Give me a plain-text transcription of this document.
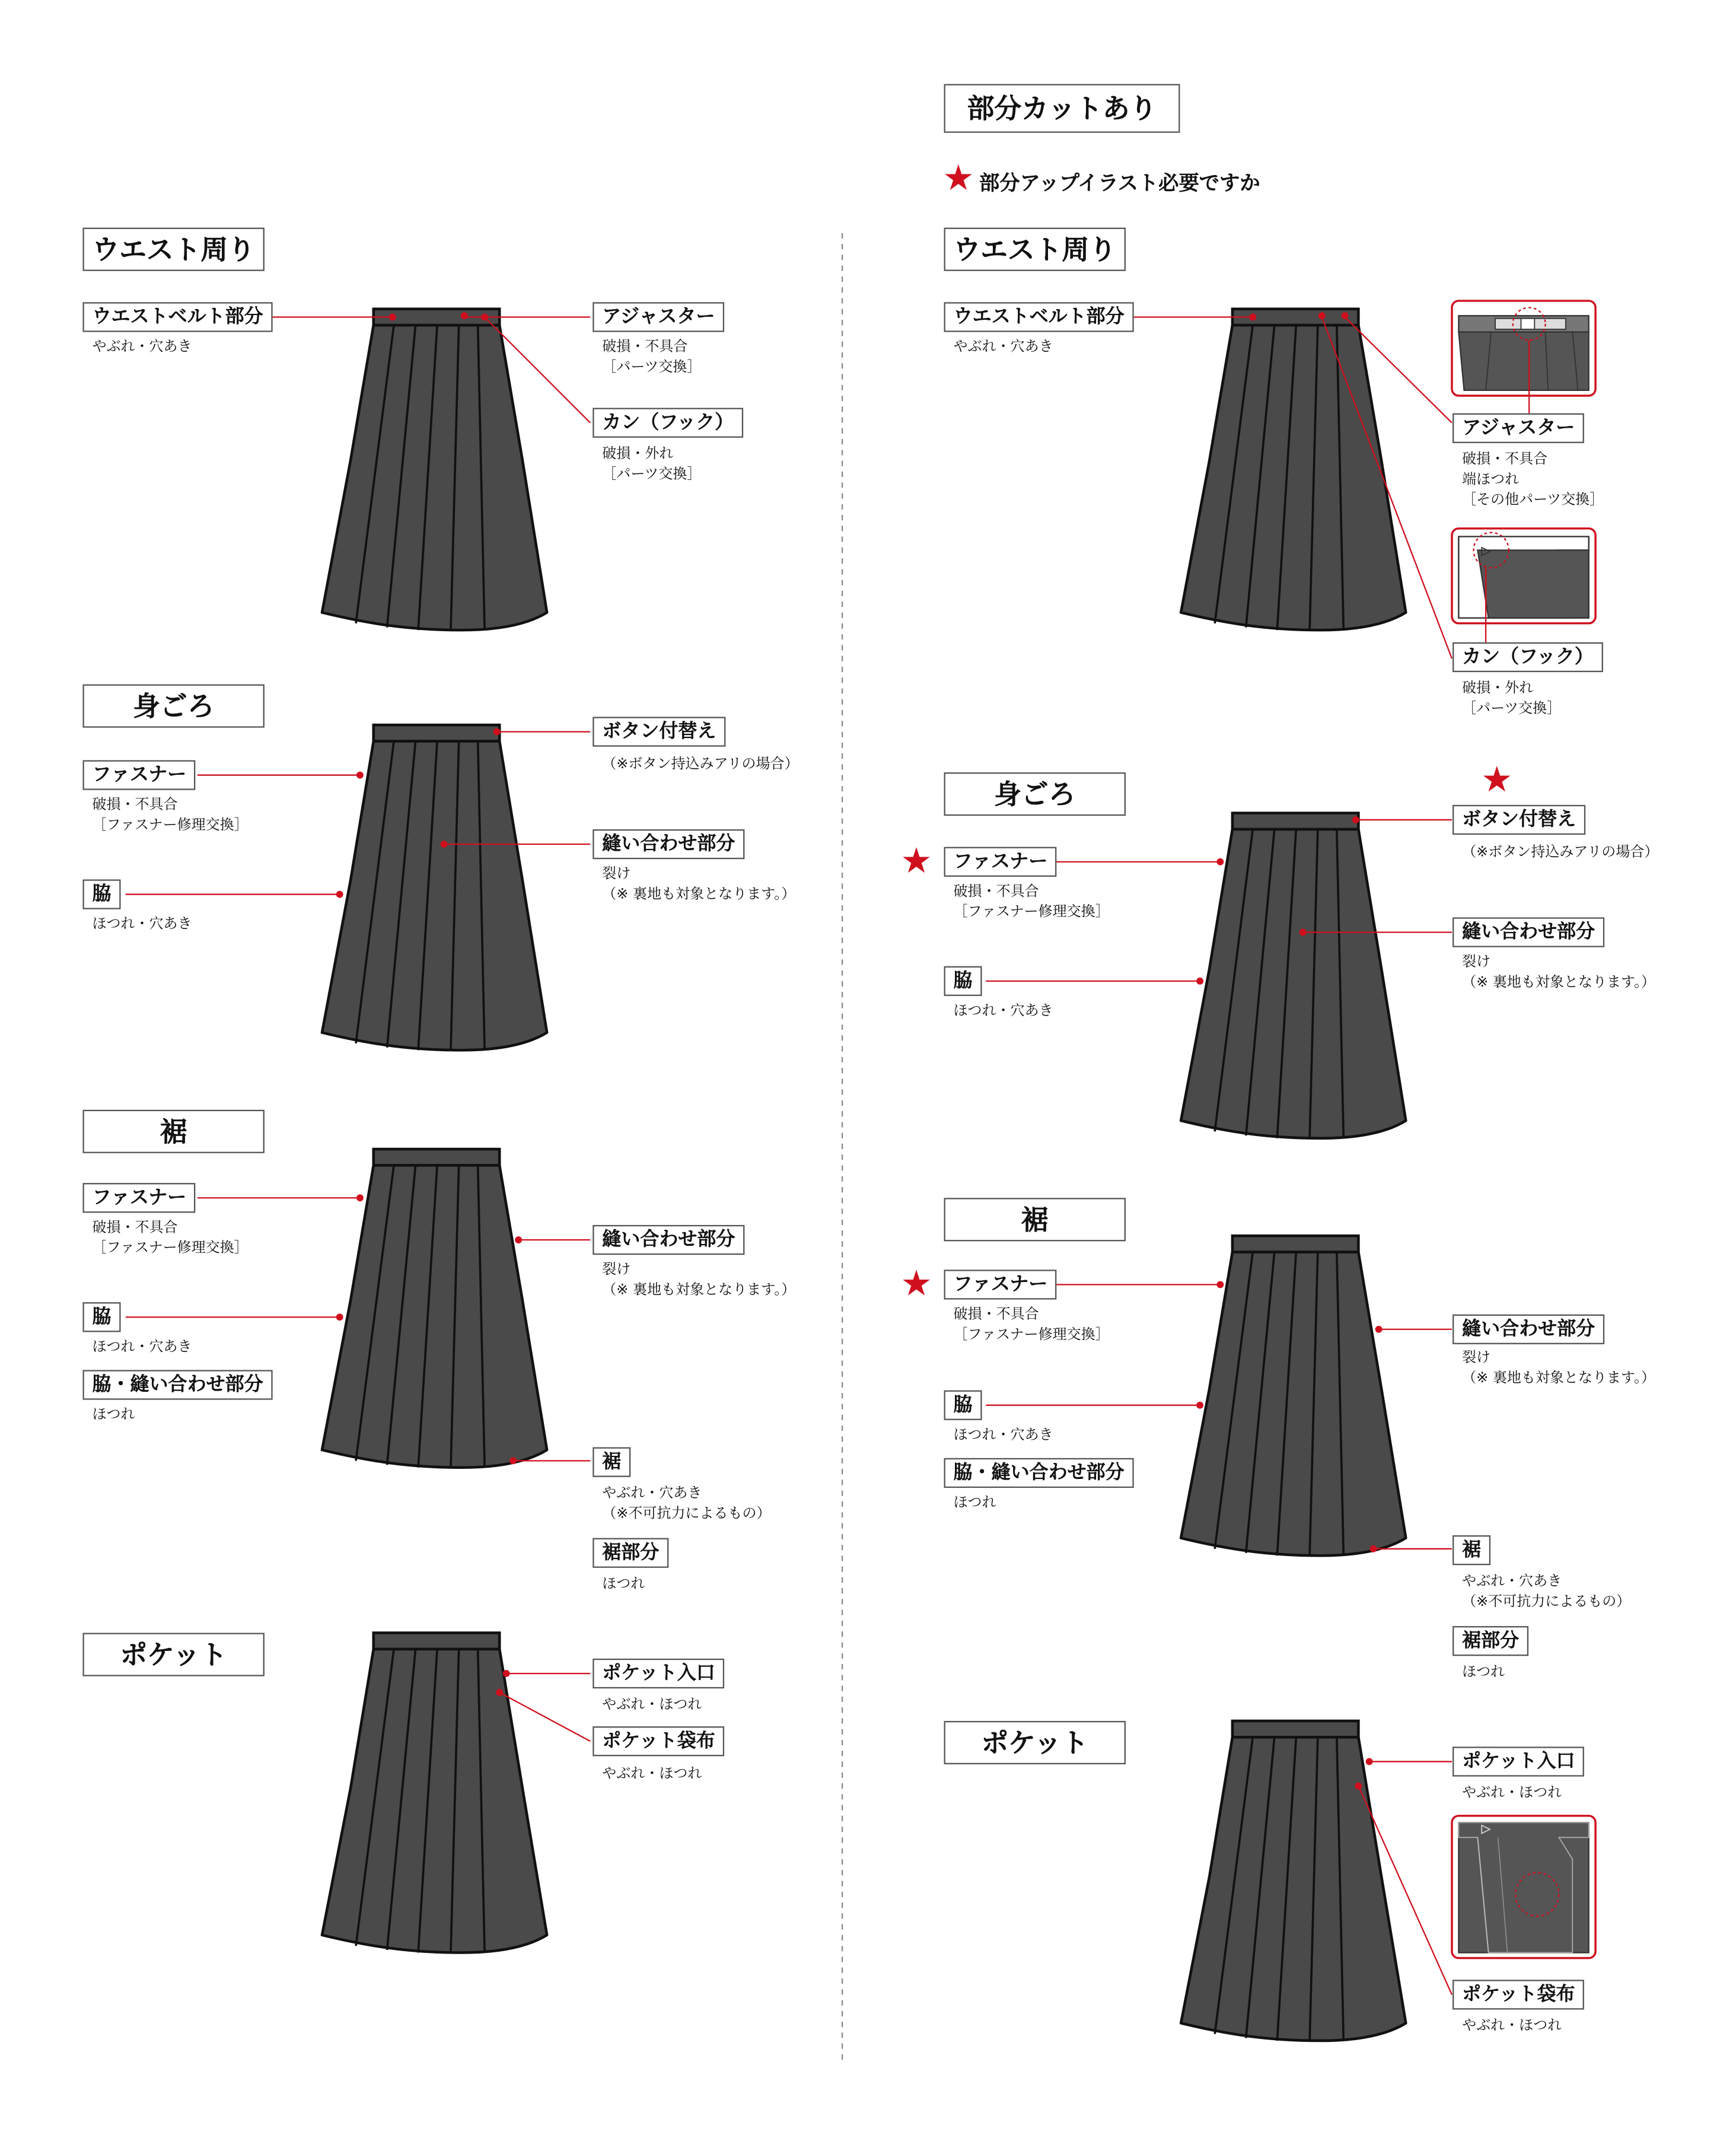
部分カットあり
★ 部分アップイラスト必要ですか
ウエスト周り
身ごろ
裾
ポケット
ウエストベルト部分
やぶれ・穴あき
アジャスター
破損・不具合
［パーツ交換］
カン（フック）
破損・外れ
［パーツ交換］
ボタン付替え
（※ボタン持込みアリの場合）
ファスナー
破損・不具合
［ファスナー修理交換］
縫い合わせ部分
裂け
（※ 裏地も対象となります。）
脇
ほつれ・穴あき
ファスナー
破損・不具合
［ファスナー修理交換］	縫い合わせ部分
裂け
（※ 裏地も対象となります。）
脇
ほつれ・穴あき
脇・縫い合わせ部分
ほつれ
裾
やぶれ・穴あき
（※不可抗力によるもの）
裾部分
ほつれ
ポケット入口
やぶれ・ほつれ
ポケット袋布
やぶれ・ほつれ
ウエスト周り
身ごろ
裾
ポケット
ウエストベルト部分
やぶれ・穴あき
アジャスター
破損・不具合
端ほつれ
［その他パーツ交換］
カン（フック）
破損・外れ
［パーツ交換］
★
ボタン付替え
（※ボタン持込みアリの場合）
★	ファスナー
破損・不具合
［ファスナー修理交換］
縫い合わせ部分
裂け
（※ 裏地も対象となります。）
脇
ほつれ・穴あき
★	ファスナー
破損・不具合
［ファスナー修理交換］	縫い合わせ部分
裂け
（※ 裏地も対象となります。）
脇
ほつれ・穴あき
脇・縫い合わせ部分
ほつれ
裾
やぶれ・穴あき
（※不可抗力によるもの）
裾部分
ほつれ
ポケット入口
やぶれ・ほつれ
ポケット袋布
やぶれ・ほつれ
